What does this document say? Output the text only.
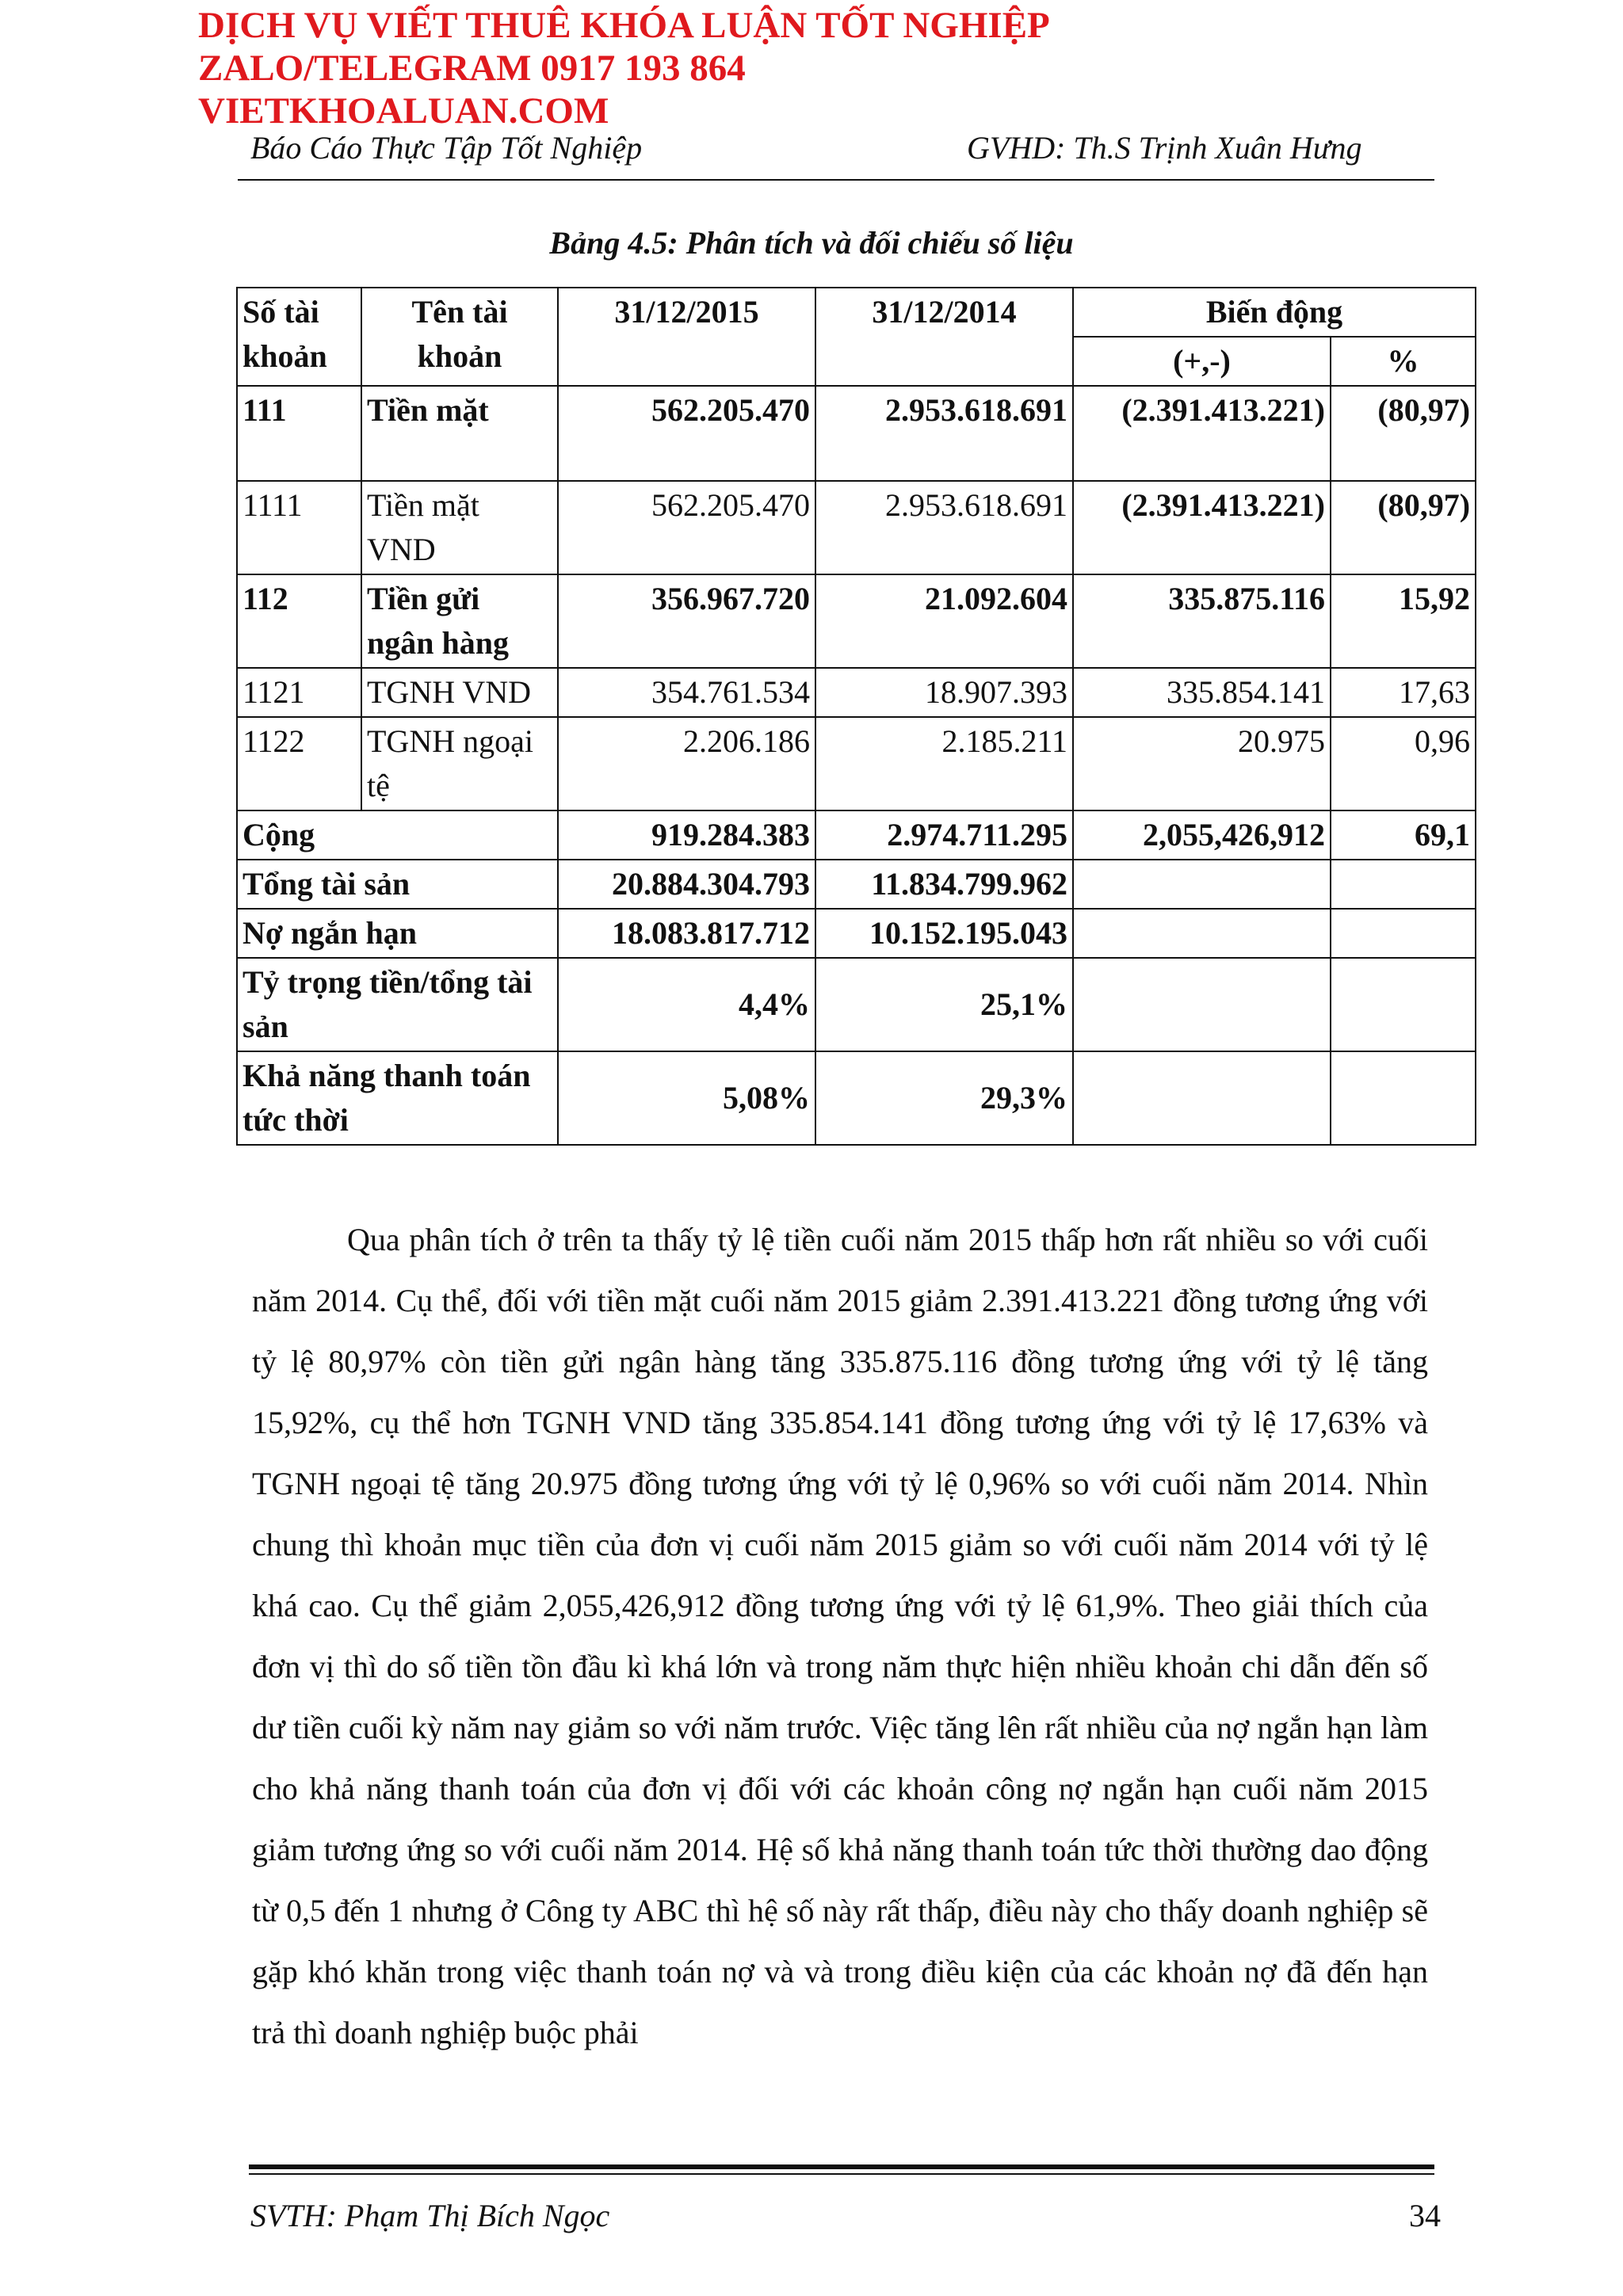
DỊCH VỤ VIẾT THUÊ KHÓA LUẬN TỐT NGHIỆP
ZALO/TELEGRAM 0917 193 864
VIETKHOALUAN.COM
Báo Cáo Thực Tập Tốt Nghiệp	GVHD: Th.S Trịnh Xuân Hưng
Bảng 4.5: Phân tích và đối chiếu số liệu
Số tài khoản	Tên tài khoản	31/12/2015	31/12/2014	Biến động	
				(+,-)	%
111	Tiền mặt	562.205.470	2.953.618.691	(2.391.413.221)	(80,97)
1111	Tiền mặt VND	562.205.470	2.953.618.691	(2.391.413.221)	(80,97)
112	Tiền gửi ngân hàng	356.967.720	21.092.604	335.875.116	15,92
1121	TGNH VND	354.761.534	18.907.393	335.854.141	17,63
1122	TGNH ngoại tệ	2.206.186	2.185.211	20.975	0,96
Cộng		919.284.383	2.974.711.295	2,055,426,912	69,1
Tổng tài sản		20.884.304.793	11.834.799.962		
Nợ ngắn hạn		18.083.817.712	10.152.195.043		
Tỷ trọng tiền/tổng tài sản		4,4%	25,1%		
Khả năng thanh toán tức thời		5,08%	29,3%		
Qua phân tích ở trên ta thấy tỷ lệ tiền cuối năm 2015 thấp hơn rất nhiều so với cuối năm 2014. Cụ thể, đối với tiền mặt cuối năm 2015 giảm 2.391.413.221 đồng tương ứng với tỷ lệ 80,97% còn tiền gửi ngân hàng tăng 335.875.116 đồng tương ứng với tỷ lệ tăng 15,92%, cụ thể hơn TGNH VND tăng 335.854.141 đồng tương ứng với tỷ lệ 17,63% và TGNH ngoại tệ tăng 20.975 đồng tương ứng với tỷ lệ 0,96% so với cuối năm 2014. Nhìn chung thì khoản mục tiền của đơn vị cuối năm 2015 giảm so với cuối năm 2014 với tỷ lệ khá cao. Cụ thể giảm 2,055,426,912 đồng tương ứng với tỷ lệ 61,9%. Theo giải thích của đơn vị thì do số tiền tồn đầu kì khá lớn và trong năm thực hiện nhiều khoản chi dẫn đến số dư tiền cuối kỳ năm nay giảm so với năm trước. Việc tăng lên rất nhiều của nợ ngắn hạn làm cho khả năng thanh toán của đơn vị đối với các khoản công nợ ngắn hạn cuối năm 2015 giảm tương ứng so với cuối năm 2014. Hệ số khả năng thanh toán tức thời thường dao động từ 0,5 đến 1 nhưng ở Công ty ABC thì hệ số này rất thấp, điều này cho thấy doanh nghiệp sẽ gặp khó khăn trong việc thanh toán nợ và và trong điều kiện của các khoản nợ đã đến hạn trả thì doanh nghiệp buộc phải
SVTH: Phạm Thị Bích Ngọc	34
